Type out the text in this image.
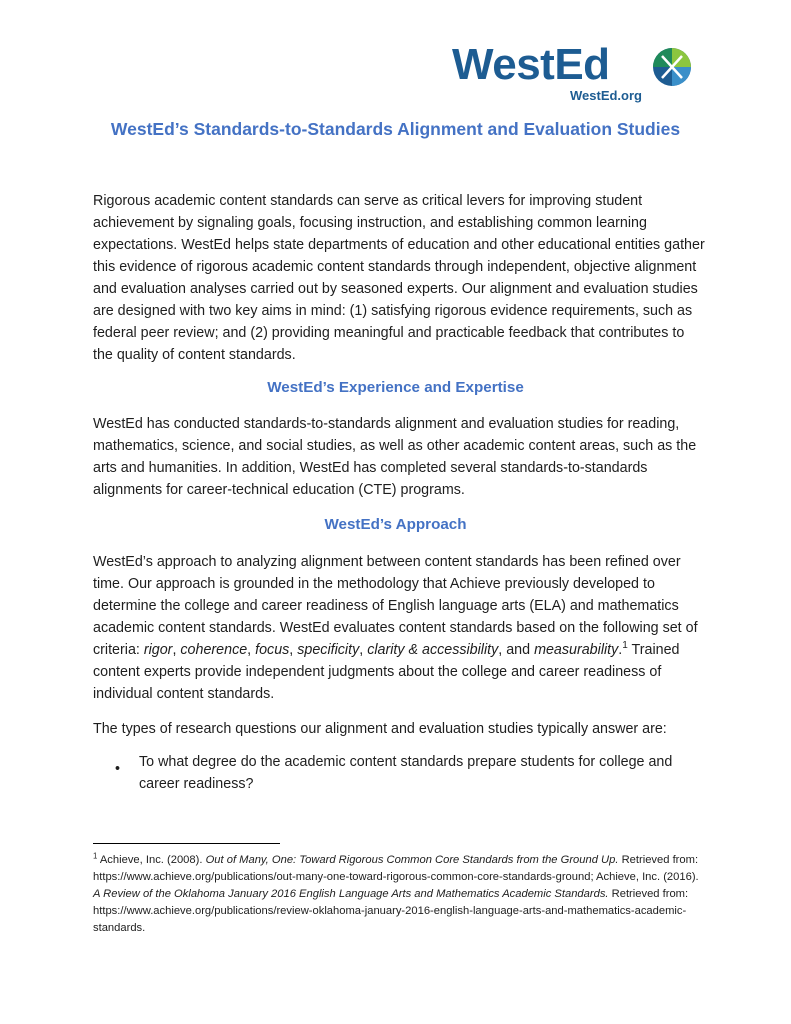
WestEd
WestEd.org
WestEd’s Standards-to-Standards Alignment and Evaluation Studies

Rigorous academic content standards can serve as critical levers for improving student achievement by signaling goals, focusing instruction, and establishing common learning expectations. WestEd helps state departments of education and other educational entities gather this evidence of rigorous academic content standards through independent, objective alignment and evaluation analyses carried out by seasoned experts. Our alignment and evaluation studies are designed with two key aims in mind: (1) satisfying rigorous evidence requirements, such as federal peer review; and (2) providing meaningful and practicable feedback that contributes to the quality of content standards.

WestEd’s Experience and Expertise

WestEd has conducted standards-to-standards alignment and evaluation studies for reading, mathematics, science, and social studies, as well as other academic content areas, such as the arts and humanities. In addition, WestEd has completed several standards-to-standards alignments for career-technical education (CTE) programs.

WestEd’s Approach

WestEd’s approach to analyzing alignment between content standards has been refined over time. Our approach is grounded in the methodology that Achieve previously developed to determine the college and career readiness of English language arts (ELA) and mathematics academic content standards. WestEd evaluates content standards based on the following set of criteria: rigor, coherence, focus, specificity, clarity & accessibility, and measurability.$^1$ Trained content experts provide independent judgments about the college and career readiness of individual content standards.

The types of research questions our alignment and evaluation studies typically answer are:

•	To what degree do the academic content standards prepare students for college and career readiness?

$^1$ Achieve, Inc. (2008). Out of Many, One: Toward Rigorous Common Core Standards from the Ground Up. Retrieved from: https://www.achieve.org/publications/out-many-one-toward-rigorous-common-core-standards-ground; Achieve, Inc. (2016). A Review of the Oklahoma January 2016 English Language Arts and Mathematics Academic Standards. Retrieved from: https://www.achieve.org/publications/review-oklahoma-january-2016-english-language-arts-and-mathematics-academic-standards.
